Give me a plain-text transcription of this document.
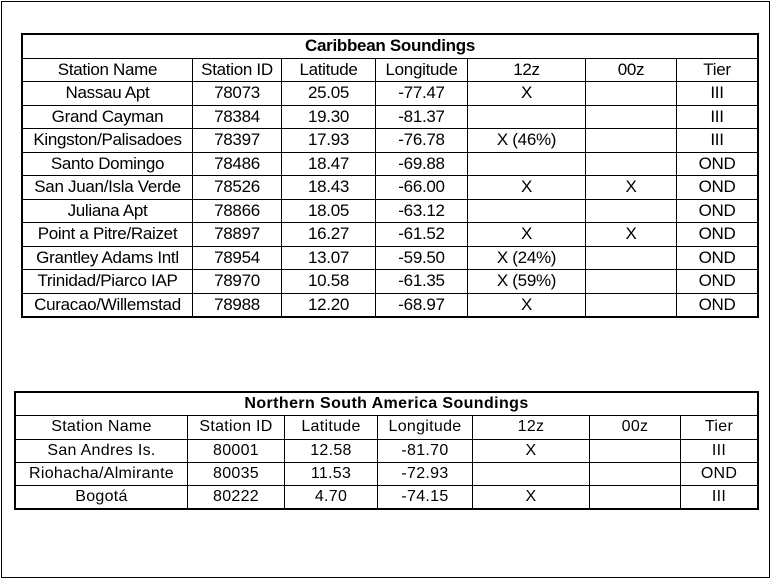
Caribbean Soundings						
Station Name	Station ID	Latitude	Longitude	12z	00z	Tier
Nassau Apt	78073	25.05	-77.47	X		III
Grand Cayman	78384	19.30	-81.37			III
Kingston/Palisadoes	78397	17.93	-76.78	X (46%)		III
Santo Domingo	78486	18.47	-69.88			OND
San Juan/Isla Verde	78526	18.43	-66.00	X	X	OND
Juliana Apt	78866	18.05	-63.12			OND
Point a Pitre/Raizet	78897	16.27	-61.52	X	X	OND
Grantley Adams Intl	78954	13.07	-59.50	X (24%)		OND
Trinidad/Piarco IAP	78970	10.58	-61.35	X (59%)		OND
Curacao/Willemstad	78988	12.20	-68.97	X		OND
Northern South America Soundings						
Station Name	Station ID	Latitude	Longitude	12z	00z	Tier
San Andres Is.	80001	12.58	-81.70	X		III
Riohacha/Almirante	80035	11.53	-72.93			OND
Bogotá	80222	4.70	-74.15	X		III
